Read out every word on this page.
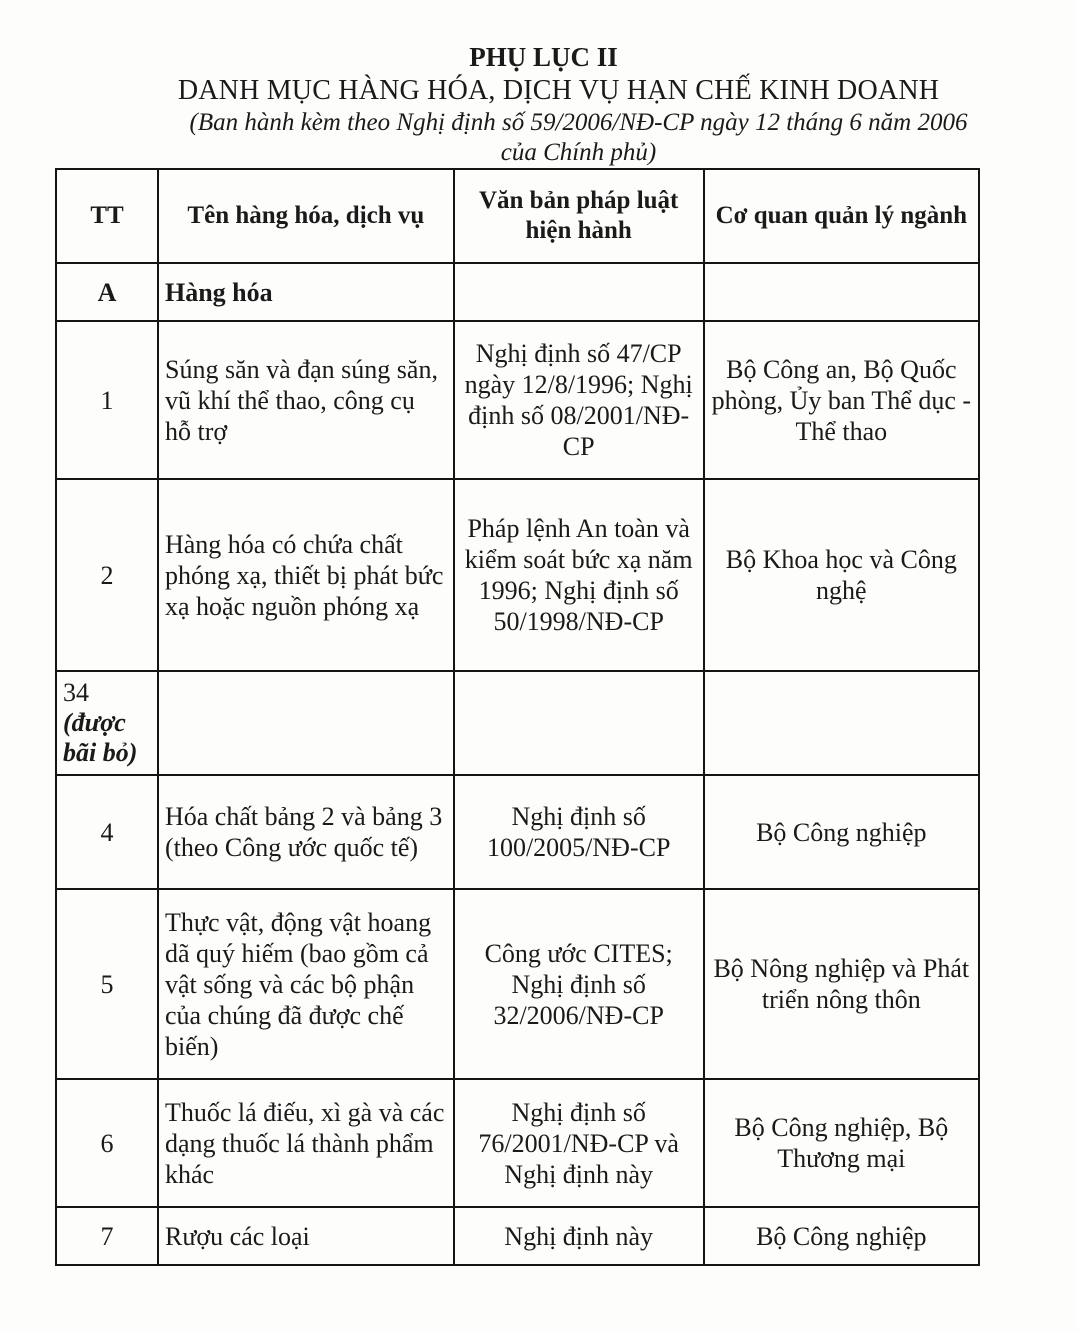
PHỤ LỤC II
DANH MỤC HÀNG HÓA, DỊCH VỤ HẠN CHẾ KINH DOANH
(Ban hành kèm theo Nghị định số 59/2006/NĐ-CP ngày 12 tháng 6 năm 2006
của Chính phủ)
TT	Tên hàng hóa, dịch vụ	Văn bản pháp luật hiện hành	Cơ quan quản lý ngành
A	Hàng hóa		
1	Súng săn và đạn súng săn, vũ khí thể thao, công cụ hỗ trợ	Nghị định số 47/CP ngày 12/8/1996; Nghị định số 08/2001/NĐ-CP	Bộ Công an, Bộ Quốc phòng, Ủy ban Thể dục -Thể thao
2	Hàng hóa có chứa chất phóng xạ, thiết bị phát bức xạ hoặc nguồn phóng xạ	Pháp lệnh An toàn và kiểm soát bức xạ năm 1996; Nghị định số 50/1998/NĐ-CP	Bộ Khoa học và Công nghệ
34 (được bãi bỏ)			
4	Hóa chất bảng 2 và bảng 3 (theo Công ước quốc tế)	Nghị định số 100/2005/NĐ-CP	Bộ Công nghiệp
5	Thực vật, động vật hoang dã quý hiếm (bao gồm cả vật sống và các bộ phận của chúng đã được chế biến)	Công ước CITES; Nghị định số 32/2006/NĐ-CP	Bộ Nông nghiệp và Phát triển nông thôn
6	Thuốc lá điếu, xì gà và các dạng thuốc lá thành phẩm khác	Nghị định số 76/2001/NĐ-CP và Nghị định này	Bộ Công nghiệp, Bộ Thương mại
7	Rượu các loại	Nghị định này	Bộ Công nghiệp
